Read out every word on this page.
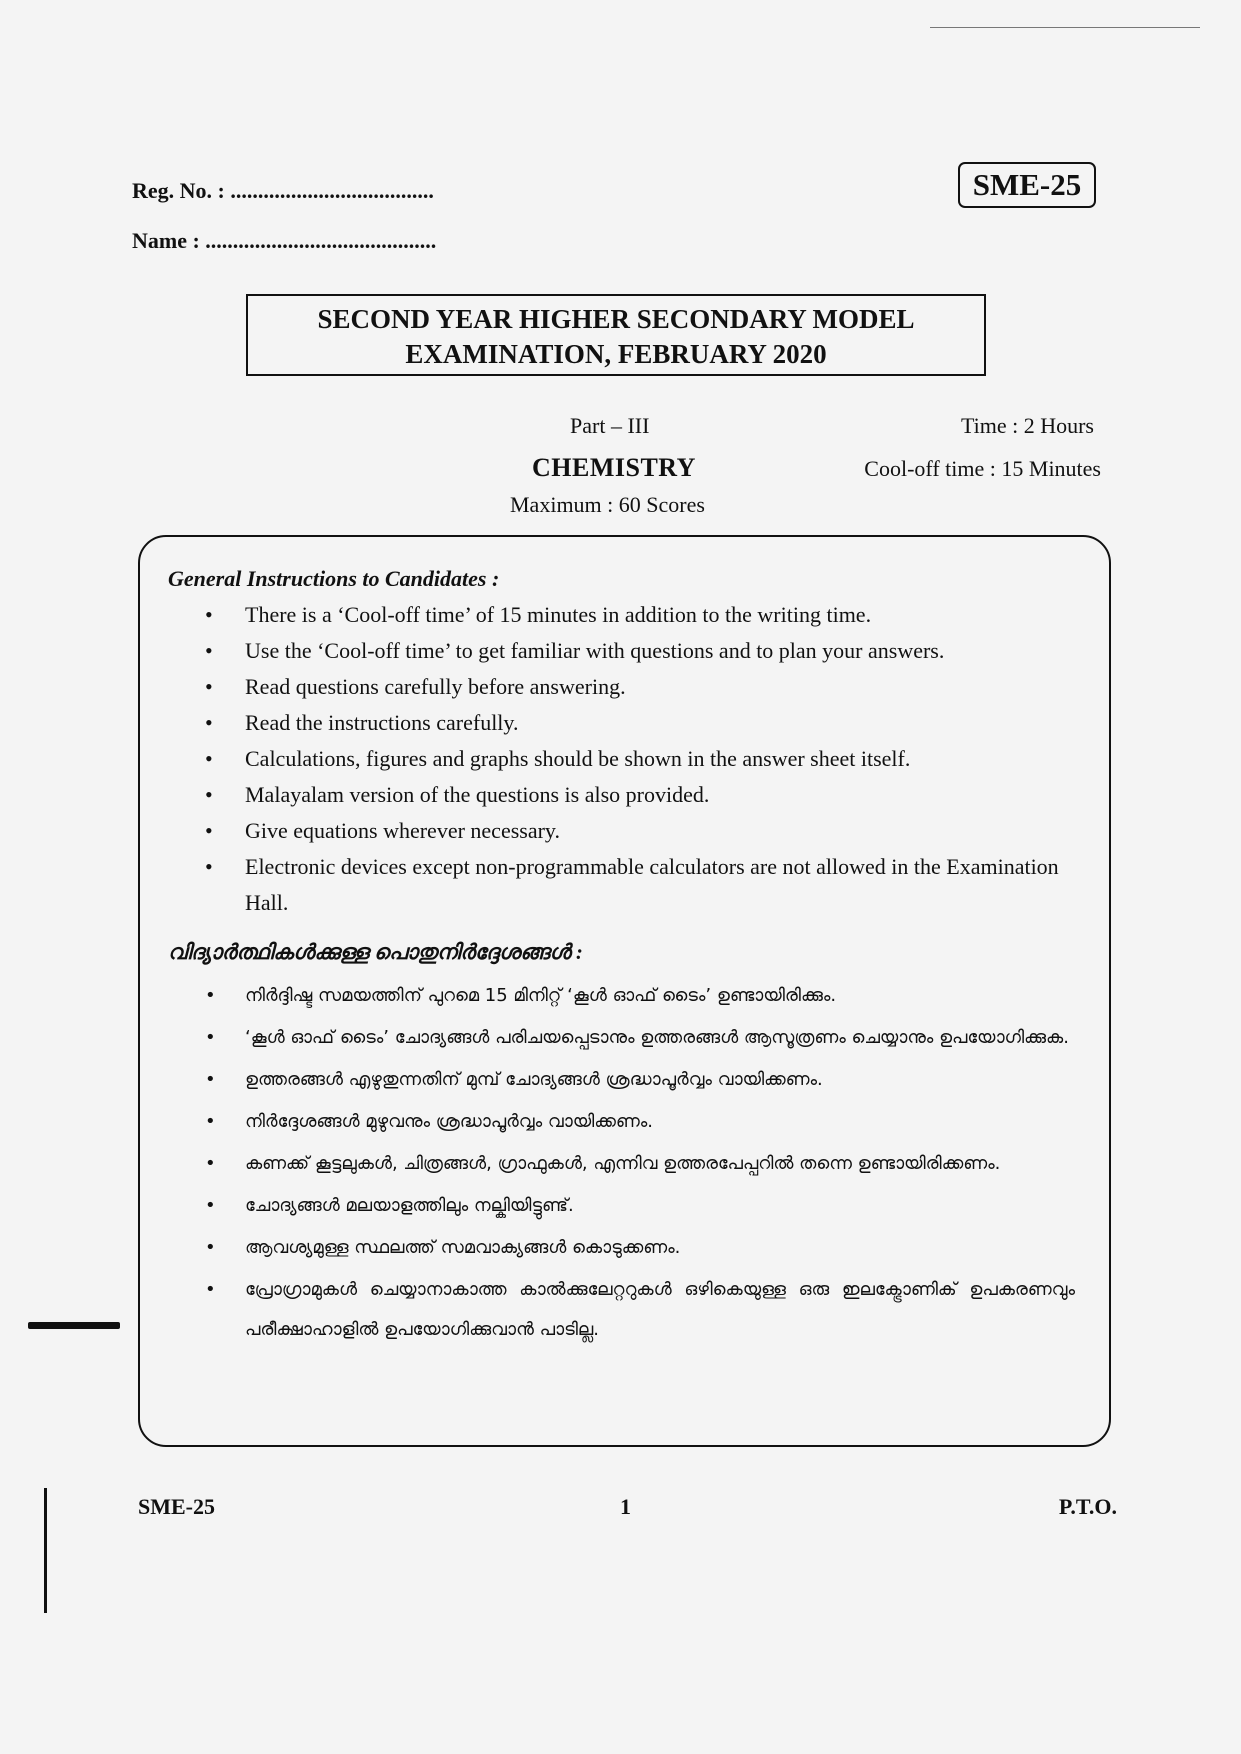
Reg. No. : .....................................
Name : ..........................................
SME-25
SECOND YEAR HIGHER SECONDARY MODEL
EXAMINATION, FEBRUARY 2020
Part – III
CHEMISTRY
Maximum : 60 Scores
Time : 2 Hours
Cool-off time : 15 Minutes
General Instructions to Candidates :
• There is a ‘Cool-off time’ of 15 minutes in addition to the writing time.
• Use the ‘Cool-off time’ to get familiar with questions and to plan your answers.
• Read questions carefully before answering.
• Read the instructions carefully.
• Calculations, figures and graphs should be shown in the answer sheet itself.
• Malayalam version of the questions is also provided.
• Give equations wherever necessary.
• Electronic devices except non-programmable calculators are not allowed in the Examination Hall.
വിദ്യാർത്ഥികൾക്കുള്ള പൊതുനിർദ്ദേശങ്ങൾ :
• നിർദ്ദിഷ്ട സമയത്തിന് പുറമെ 15 മിനിറ്റ് ‘കൂൾ ഓഫ് ടൈം’ ഉണ്ടായിരിക്കും.
• ‘കൂൾ ഓഫ് ടൈം’ ചോദ്യങ്ങൾ പരിചയപ്പെടാനും ഉത്തരങ്ങൾ ആസൂത്രണം ചെയ്യാനും ഉപയോഗിക്കുക.
• ഉത്തരങ്ങൾ എഴുതുന്നതിന് മുമ്പ് ചോദ്യങ്ങൾ ശ്രദ്ധാപൂർവ്വം വായിക്കണം.
• നിർദ്ദേശങ്ങൾ മുഴുവനും ശ്രദ്ധാപൂർവ്വം വായിക്കണം.
• കണക്ക് കൂട്ടലുകൾ, ചിത്രങ്ങൾ, ഗ്രാഫുകൾ, എന്നിവ ഉത്തരപേപ്പറിൽ തന്നെ ഉണ്ടായിരിക്കണം.
• ചോദ്യങ്ങൾ മലയാളത്തിലും നല്കിയിട്ടുണ്ട്.
• ആവശ്യമുള്ള സ്ഥലത്ത് സമവാക്യങ്ങൾ കൊടുക്കണം.
• പ്രോഗ്രാമുകൾ ചെയ്യാനാകാത്ത കാൽക്കുലേറ്ററുകൾ ഒഴികെയുള്ള ഒരു ഇലക്ട്രോണിക് ഉപകരണവും പരീക്ഷാഹാളിൽ ഉപയോഗിക്കുവാൻ പാടില്ല.
SME-25	1	P.T.O.
